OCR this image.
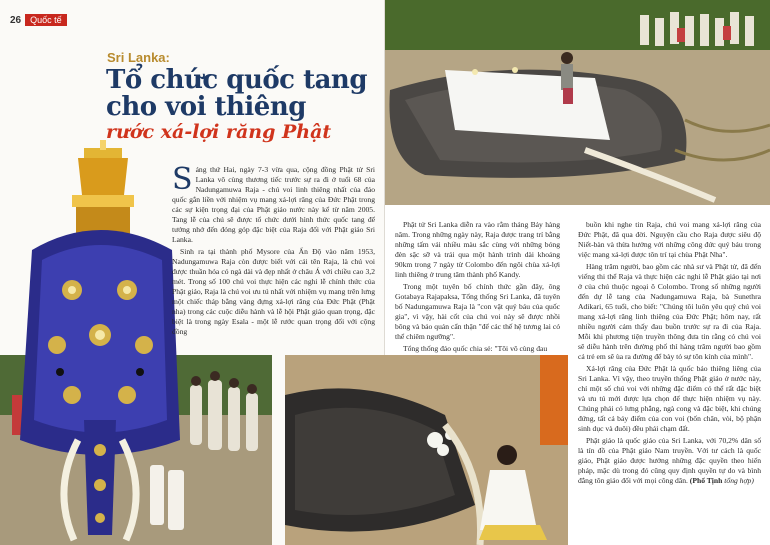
26	Quốc tế
Sri Lanka:
Tổ chức quốc tang cho voi thiêng
rước xá-lợi răng Phật

Sáng thứ Hai, ngày 7-3 vừa qua, cộng đồng Phật tử Sri Lanka vô cùng thương tiếc trước sự ra đi ở tuổi 68 của Nadungamuwa Raja - chú voi linh thiêng nhất của đảo quốc gắn liền với nhiệm vụ mang xá-lợi răng của Đức Phật trong các sự kiện trọng đại của Phật giáo nước này kể từ năm 2005. Tang lễ của chú sẽ được tổ chức dưới hình thức quốc tang để tưởng nhớ đến đóng góp đặc biệt của Raja đối với Phật giáo Sri Lanka.

Sinh ra tại thành phố Mysore của Ấn Độ vào năm 1953, Nadungamuwa Raja còn được biết với cái tên Raja, là chú voi được thuần hóa có ngà dài và đẹp nhất ở châu Á với chiều cao 3,2 mét. Trong số 100 chú voi thực hiện các nghi lễ chính thức của Phật giáo, Raja là chú voi ưu tú nhất với nhiệm vụ mang trên lưng một chiếc tháp bằng vàng đựng xá-lợi răng của Đức Phật (Phật nha) trong các cuộc diễu hành và lễ hội Phật giáo quan trọng, đặc biệt là trong ngày Esala - một lễ rước quan trọng đối với cộng đồng

Phật tử Sri Lanka diễn ra vào rằm tháng Bảy hàng năm. Trong những ngày này, Raja được trang trí bằng những tấm vải nhiều màu sắc cùng với những bóng đèn sặc sỡ và trải qua một hành trình dài khoảng 90km trong 7 ngày từ Colombo đến ngôi chùa xá-lợi linh thiêng ở trung tâm thành phố Kandy.

Trong một tuyên bố chính thức gần đây, ông Gotabaya Rajapaksa, Tổng thống Sri Lanka, đã tuyên bố Nadungamuwa Raja là "con vật quý báu của quốc gia", vì vậy, hài cốt của chú voi này sẽ được nhồi bông và bảo quản cẩn thận "để các thế hệ tương lai có thể chiêm ngưỡng".

Tổng thống đảo quốc chia sẻ: "Tôi vô cùng đau

buồn khi nghe tin Raja, chú voi mang xá-lợi răng của Đức Phật, đã qua đời. Nguyện cầu cho Raja được siêu độ Niết-bàn và thừa hưởng với những công đức quý báu trong việc mang xá-lợi được tôn trí tại chùa Phật Nha".

Hàng trăm người, bao gồm các nhà sư và Phật tử, đã đến viếng thi thể Raja và thực hiện các nghi lễ Phật giáo tại nơi ở của chú thuộc ngoại ô Colombo. Trong số những người đến dự lễ tang của Nadungamuwa Raja, bà Sunethra Adikari, 65 tuổi, cho biết: "Chúng tôi luôn yêu quý chú voi mang xá-lợi răng linh thiêng của Đức Phật; hôm nay, rất nhiều người cảm thấy đau buồn trước sự ra đi của Raja. Mỗi khi phương tiện truyền thông đưa tin rằng có chú voi sẽ diễu hành trên đường phố thì hàng trăm người bao gồm cả trẻ em sẽ ùa ra đường để bày tỏ sự tôn kính của mình".

Xá-lợi răng của Đức Phật là quốc bảo thiêng liêng của Sri Lanka. Vì vậy, theo truyền thống Phật giáo ở nước này, chỉ một số chú voi với những đặc điểm có thể rất đặc biệt và ưu tú mới được lựa chọn để thực hiện nhiệm vụ này. Chúng phải có lưng phẳng, ngà cong và đặc biệt, khi chúng đứng, tất cả bảy điểm của con voi (bốn chân, vòi, bộ phận sinh dục và đuôi) đều phải chạm đất.

Phật giáo là quốc giáo của Sri Lanka, với 70,2% dân số là tín đồ của Phật giáo Nam truyền. Với tư cách là quốc giáo, Phật giáo được hưởng những đặc quyền theo hiến pháp, mặc dù trong đó cũng quy định quyền tự do và bình đẳng tôn giáo đối với mọi công dân. (Phổ Tịnh tổng hợp)
